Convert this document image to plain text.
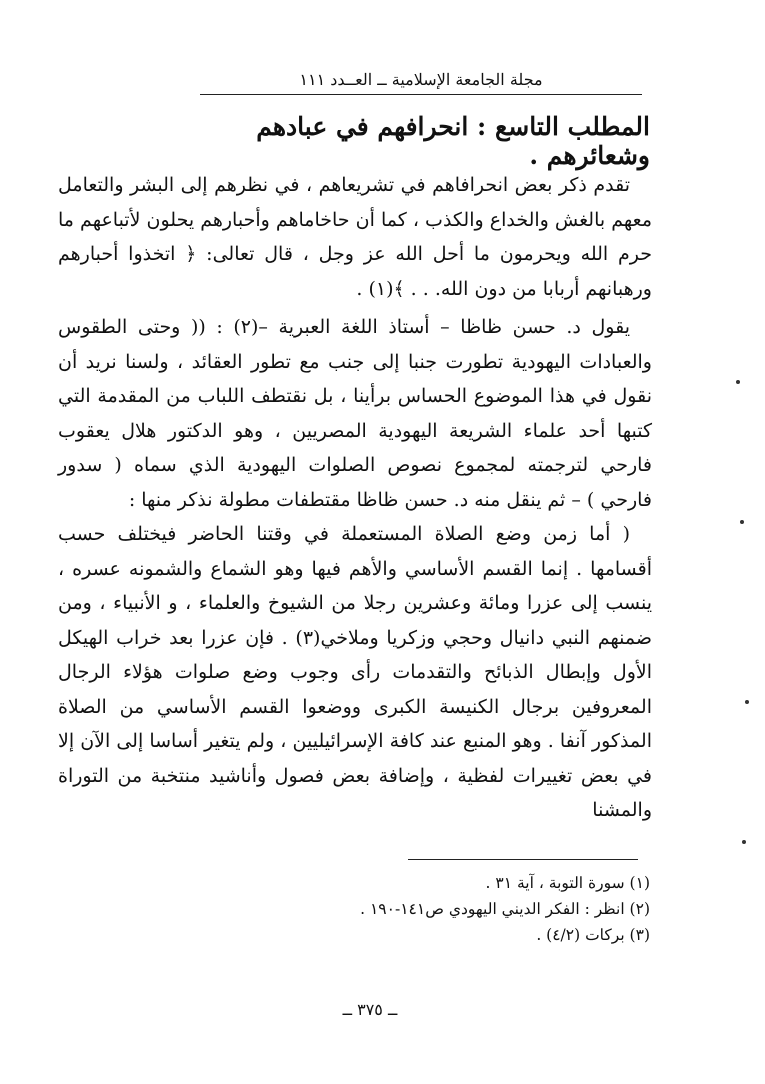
مجلة الجامعة الإسلامية ــ العــدد ١١١
المطلب التاسع : انحرافهم في عبادهم وشعائرهم .

تقدم ذكر بعض انحرافاهم في تشريعاهم ، في نظرهم إلى البشر والتعامل معهم بالغش والخداع والكذب ، كما أن حاخاماهم وأحبارهم يحلون لأتباعهم ما حرم الله ويحرمون ما أحل الله عز وجل ، قال تعالى: ﴿ اتخذوا أحبارهم ورهبانهم أربابا من دون الله. . . ﴾(١) .

يقول د. حسن ظاظا – أستاذ اللغة العبرية –(٢) : (( وحتى الطقوس والعبادات اليهودية تطورت جنبا إلى جنب مع تطور العقائد ، ولسنا نريد أن نقول في هذا الموضوع الحساس برأينا ، بل نقتطف اللباب من المقدمة التي كتبها أحد علماء الشريعة اليهودية المصريين ، وهو الدكتور هلال يعقوب فارحي لترجمته لمجموع نصوص الصلوات اليهودية الذي سماه ( سدور فارحي ) – ثم ينقل منه د. حسن ظاظا مقتطفات مطولة نذكر منها :

( أما زمن وضع الصلاة المستعملة في وقتنا الحاضر فيختلف حسب أقسامها . إنما القسم الأساسي والأهم فيها وهو الشماع والشمونه عسره ، ينسب إلى عزرا ومائة وعشرين رجلا من الشيوخ والعلماء ، و الأنبياء ، ومن ضمنهم النبي دانيال وحجي وزكريا وملاخي(٣) . فإن عزرا بعد خراب الهيكل الأول وإبطال الذبائح والتقدمات رأى وجوب وضع صلوات هؤلاء الرجال المعروفين برجال الكنيسة الكبرى ووضعوا القسم الأساسي من الصلاة المذكور آنفا . وهو المنبع عند كافة الإسرائيليين ، ولم يتغير أساسا إلى الآن إلا في بعض تغييرات لفظية ، وإضافة بعض فصول وأناشيد منتخبة من التوراة والمشنا

(١) سورة التوبة ، آية ٣١ .
(٢) انظر : الفكر الديني اليهودي ص١٤١-١٩٠ .
(٣) بركات (٤/٢) .
ــ ٣٧٥ ــ
